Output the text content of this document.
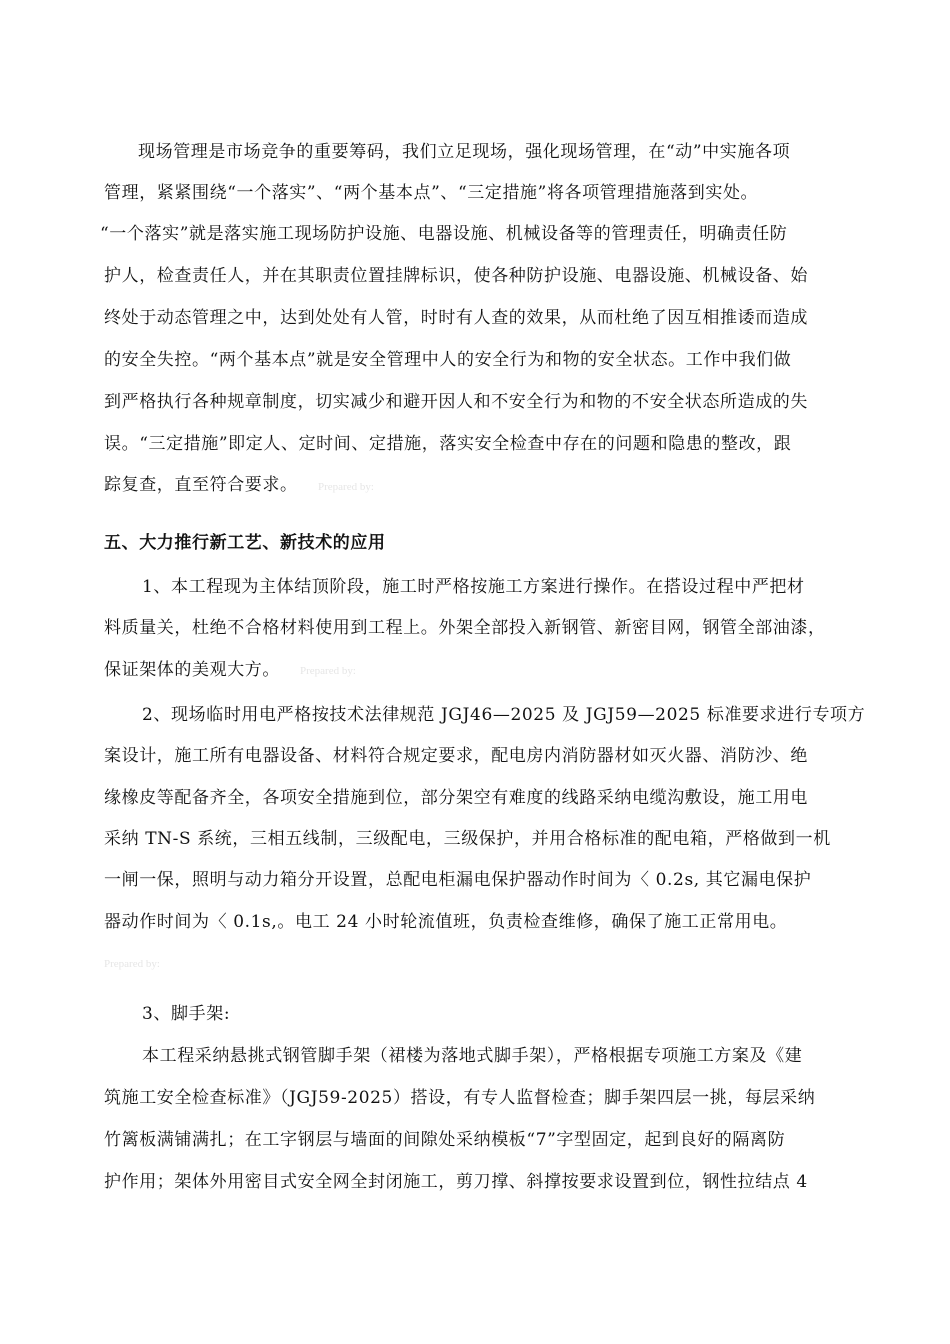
现场管理是市场竞争的重要筹码，我们立足现场，强化现场管理，在“动”中实施各项
管理，紧紧围绕“一个落实”、“两个基本点”、“三定措施”将各项管理措施落到实处。
“一个落实”就是落实施工现场防护设施、电器设施、机械设备等的管理责任，明确责任防
护人，检查责任人，并在其职责位置挂牌标识，使各种防护设施、电器设施、机械设备、始
终处于动态管理之中，达到处处有人管，时时有人查的效果，从而杜绝了因互相推诿而造成
的安全失控。“两个基本点”就是安全管理中人的安全行为和物的安全状态。工作中我们做
到严格执行各种规章制度，切实减少和避开因人和不安全行为和物的不安全状态所造成的失
误。“三定措施”即定人、定时间、定措施，落实安全检查中存在的问题和隐患的整改，跟
踪复查，直至符合要求。 Prepared by:
五、大力推行新工艺、新技术的应用
1、本工程现为主体结顶阶段，施工时严格按施工方案进行操作。在搭设过程中严把材
料质量关，杜绝不合格材料使用到工程上。外架全部投入新钢管、新密目网，钢管全部油漆，
保证架体的美观大方。 Prepared by:
2、现场临时用电严格按技术法律规范 JGJ46—2025 及 JGJ59—2025 标准要求进行专项方
案设计，施工所有电器设备、材料符合规定要求，配电房内消防器材如灭火器、消防沙、绝
缘橡皮等配备齐全，各项安全措施到位，部分架空有难度的线路采纳电缆沟敷设，施工用电
采纳 TN-S 系统，三相五线制，三级配电，三级保护，并用合格标准的配电箱，严格做到一机
一闸一保，照明与动力箱分开设置，总配电柜漏电保护器动作时间为〈 0.2s, 其它漏电保护
器动作时间为〈 0.1s,。电工 24 小时轮流值班，负责检查维修，确保了施工正常用电。
Prepared by:
3、脚手架:
本工程采纳悬挑式钢管脚手架（裙楼为落地式脚手架），严格根据专项施工方案及《建
筑施工安全检查标准》（JGJ59-2025）搭设，有专人监督检查；脚手架四层一挑，每层采纳
竹篱板满铺满扎；在工字钢层与墙面的间隙处采纳模板“7”字型固定，起到良好的隔离防
护作用；架体外用密目式安全网全封闭施工，剪刀撑、斜撑按要求设置到位，钢性拉结点 4
